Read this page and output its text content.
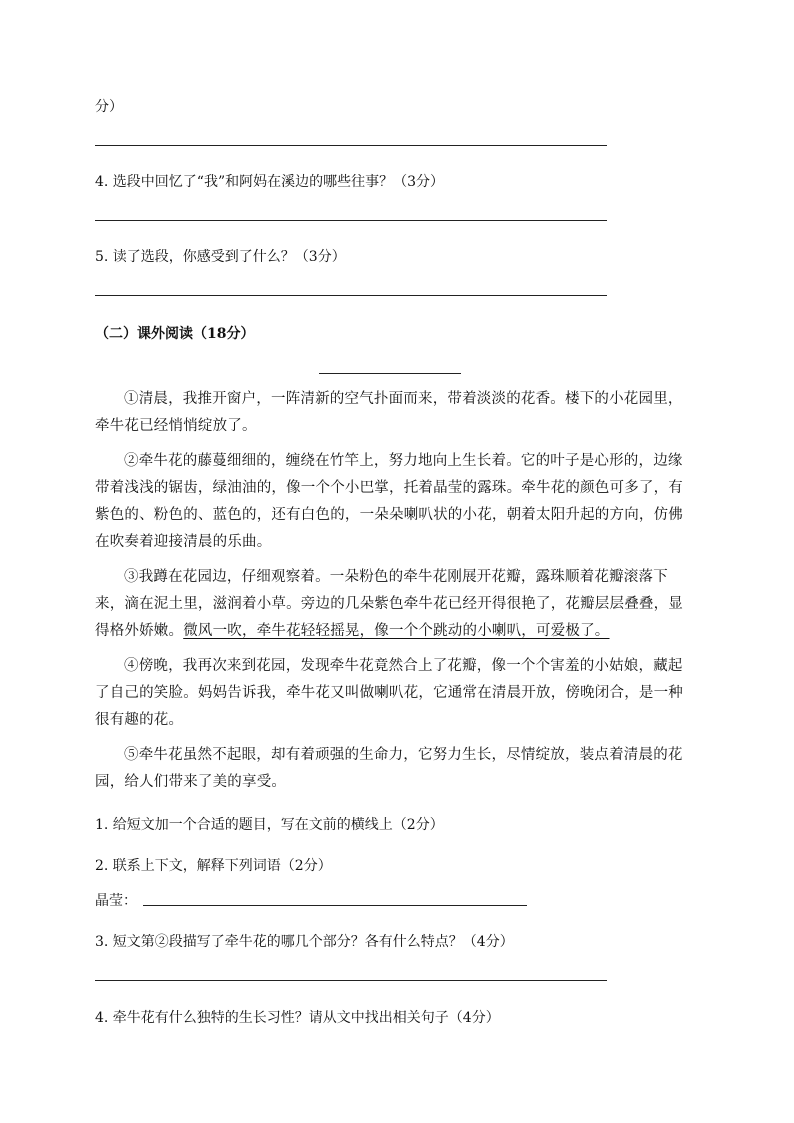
分）
4. 选段中回忆了“我”和阿妈在溪边的哪些往事？（3分）
5. 读了选段，你感受到了什么？（3分）
（二）课外阅读（18分）

①清晨，我推开窗户，一阵清新的空气扑面而来，带着淡淡的花香。楼下的小花园里，牵牛花已经悄悄绽放了。

②牵牛花的藤蔓细细的，缠绕在竹竿上，努力地向上生长着。它的叶子是心形的，边缘带着浅浅的锯齿，绿油油的，像一个个小巴掌，托着晶莹的露珠。牵牛花的颜色可多了，有紫色的、粉色的、蓝色的，还有白色的，一朵朵喇叭状的小花，朝着太阳升起的方向，仿佛在吹奏着迎接清晨的乐曲。

③我蹲在花园边，仔细观察着。一朵粉色的牵牛花刚展开花瓣，露珠顺着花瓣滚落下来，滴在泥土里，滋润着小草。旁边的几朵紫色牵牛花已经开得很艳了，花瓣层层叠叠，显得格外娇嫩。微风一吹，牵牛花轻轻摇晃，像一个个跳动的小喇叭，可爱极了。

④傍晚，我再次来到花园，发现牵牛花竟然合上了花瓣，像一个个害羞的小姑娘，藏起了自己的笑脸。妈妈告诉我，牵牛花又叫做喇叭花，它通常在清晨开放，傍晚闭合，是一种很有趣的花。

⑤牵牛花虽然不起眼，却有着顽强的生命力，它努力生长，尽情绽放，装点着清晨的花园，给人们带来了美的享受。

1. 给短文加一个合适的题目，写在文前的横线上（2分）
2. 联系上下文，解释下列词语（2分）
晶莹：
3. 短文第②段描写了牵牛花的哪几个部分？各有什么特点？（4分）
4. 牵牛花有什么独特的生长习性？请从文中找出相关句子（4分）
